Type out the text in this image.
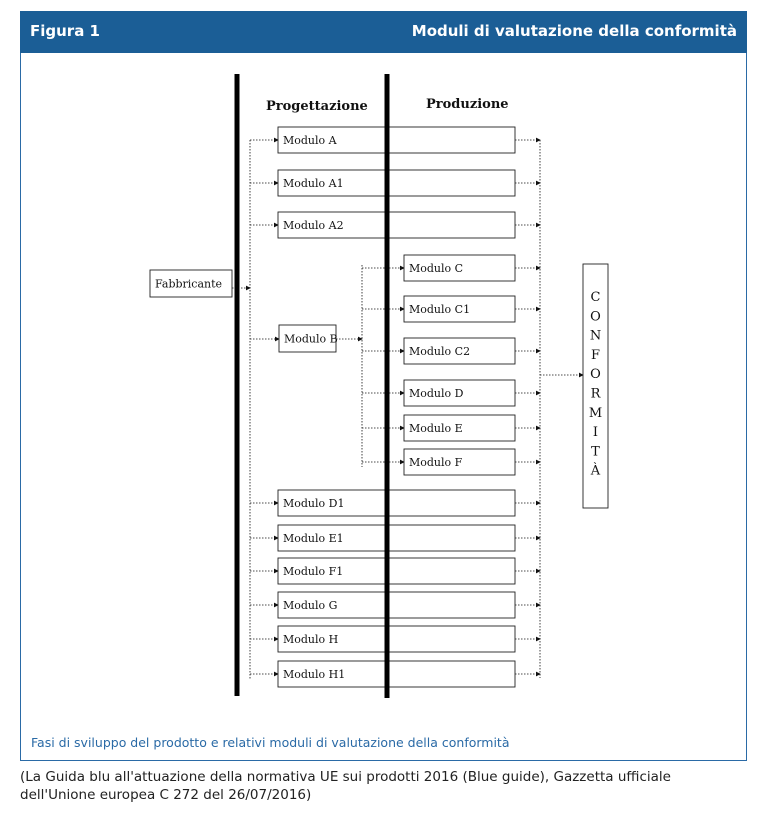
Figura 1	Moduli di valutazione della conformità
Progettazione	Produzione
Modulo A
Modulo A1
Modulo A2
Fabbricante
Modulo B
Modulo C
Modulo C1
Modulo C2
Modulo D
Modulo E
Modulo F
Modulo D1
Modulo E1
Modulo F1
Modulo G
Modulo H
Modulo H1
C
O
N
F
O
R
M
I
T
À
Fasi di sviluppo del prodotto e relativi moduli di valutazione della conformità
(La Guida blu all'attuazione della normativa UE sui prodotti 2016 (Blue guide), Gazzetta ufficiale
dell'Unione europea C 272 del 26/07/2016)
